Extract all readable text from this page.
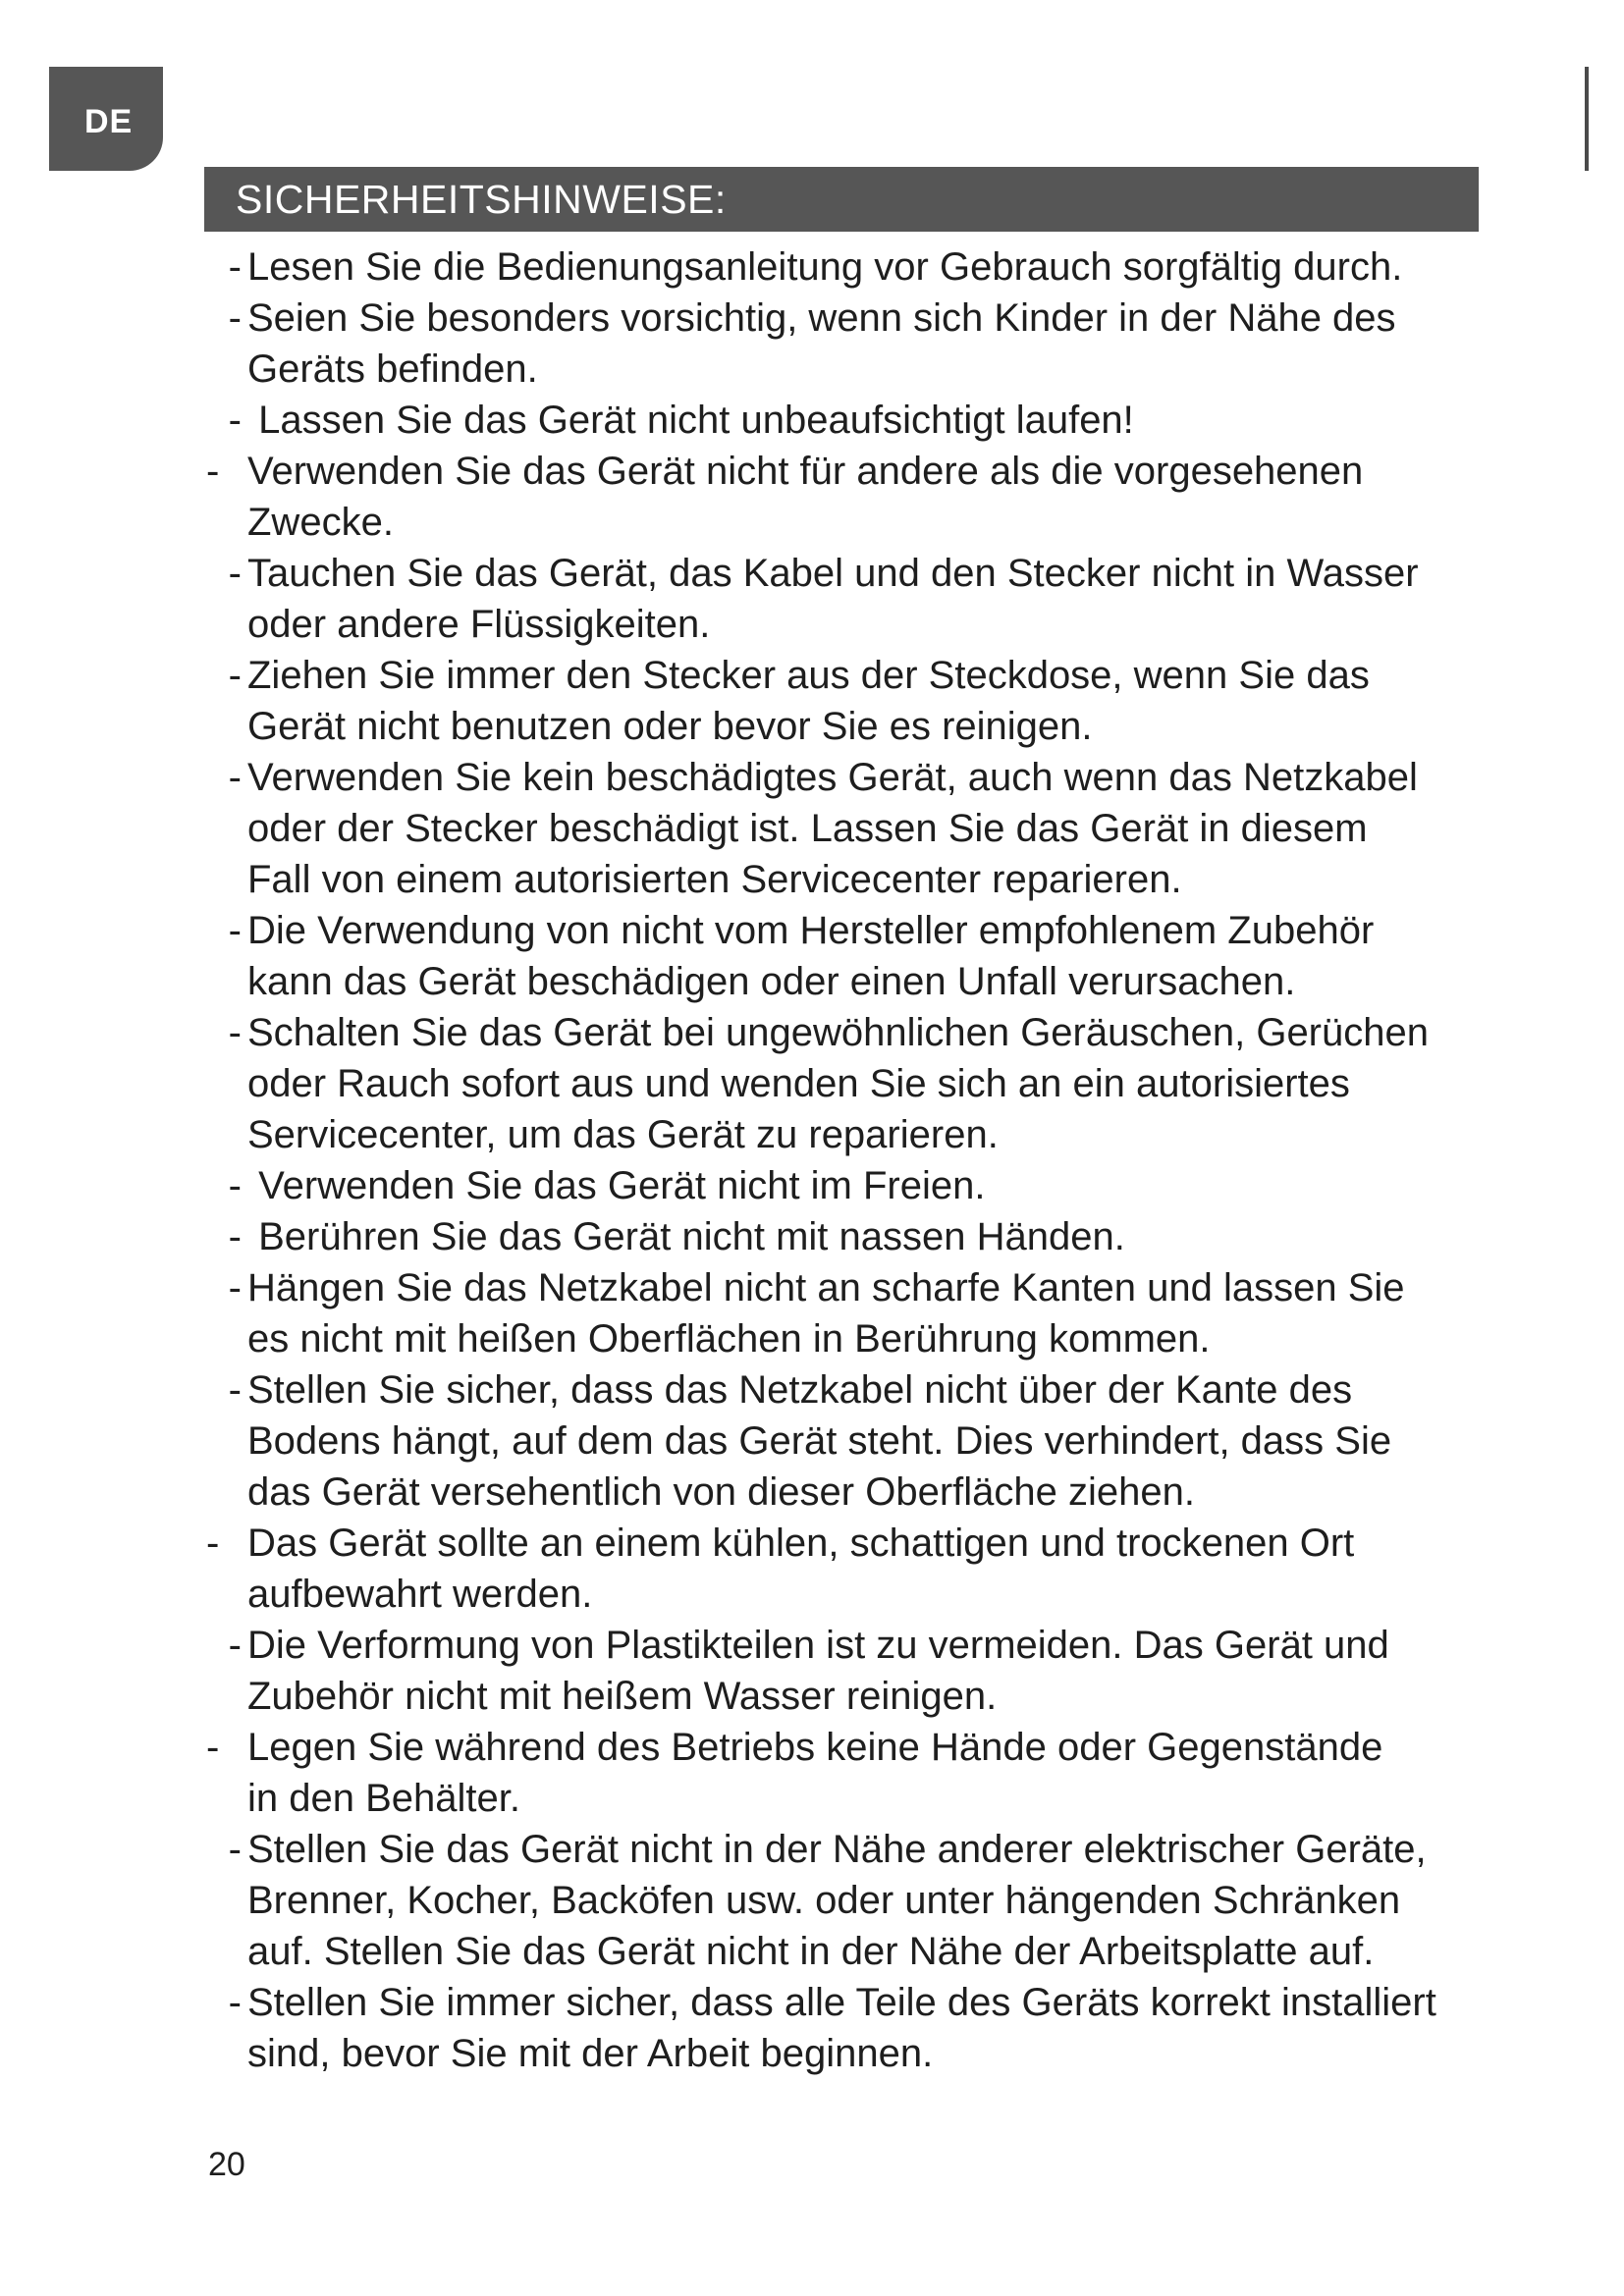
DE
SICHERHEITSHINWEISE:
- Lesen Sie die Bedienungsanleitung vor Gebrauch sorgfältig durch.
- Seien Sie besonders vorsichtig, wenn sich Kinder in der Nähe des
Geräts befinden.
- Lassen Sie das Gerät nicht unbeaufsichtigt laufen!
- Verwenden Sie das Gerät nicht für andere als die vorgesehenen
Zwecke.
- Tauchen Sie das Gerät, das Kabel und den Stecker nicht in Wasser
oder andere Flüssigkeiten.
- Ziehen Sie immer den Stecker aus der Steckdose, wenn Sie das
Gerät nicht benutzen oder bevor Sie es reinigen.
- Verwenden Sie kein beschädigtes Gerät, auch wenn das Netzkabel
oder der Stecker beschädigt ist. Lassen Sie das Gerät in diesem
Fall von einem autorisierten Servicecenter reparieren.
- Die Verwendung von nicht vom Hersteller empfohlenem Zubehör
kann das Gerät beschädigen oder einen Unfall verursachen.
- Schalten Sie das Gerät bei ungewöhnlichen Geräuschen, Gerüchen
oder Rauch sofort aus und wenden Sie sich an ein autorisiertes
Servicecenter, um das Gerät zu reparieren.
- Verwenden Sie das Gerät nicht im Freien.
- Berühren Sie das Gerät nicht mit nassen Händen.
- Hängen Sie das Netzkabel nicht an scharfe Kanten und lassen Sie
es nicht mit heißen Oberflächen in Berührung kommen.
- Stellen Sie sicher, dass das Netzkabel nicht über der Kante des
Bodens hängt, auf dem das Gerät steht. Dies verhindert, dass Sie
das Gerät versehentlich von dieser Oberfläche ziehen.
- Das Gerät sollte an einem kühlen, schattigen und trockenen Ort
aufbewahrt werden.
- Die Verformung von Plastikteilen ist zu vermeiden. Das Gerät und
Zubehör nicht mit heißem Wasser reinigen.
- Legen Sie während des Betriebs keine Hände oder Gegenstände
in den Behälter.
- Stellen Sie das Gerät nicht in der Nähe anderer elektrischer Geräte,
Brenner, Kocher, Backöfen usw. oder unter hängenden Schränken
auf. Stellen Sie das Gerät nicht in der Nähe der Arbeitsplatte auf.
- Stellen Sie immer sicher, dass alle Teile des Geräts korrekt installiert
sind, bevor Sie mit der Arbeit beginnen.
20
